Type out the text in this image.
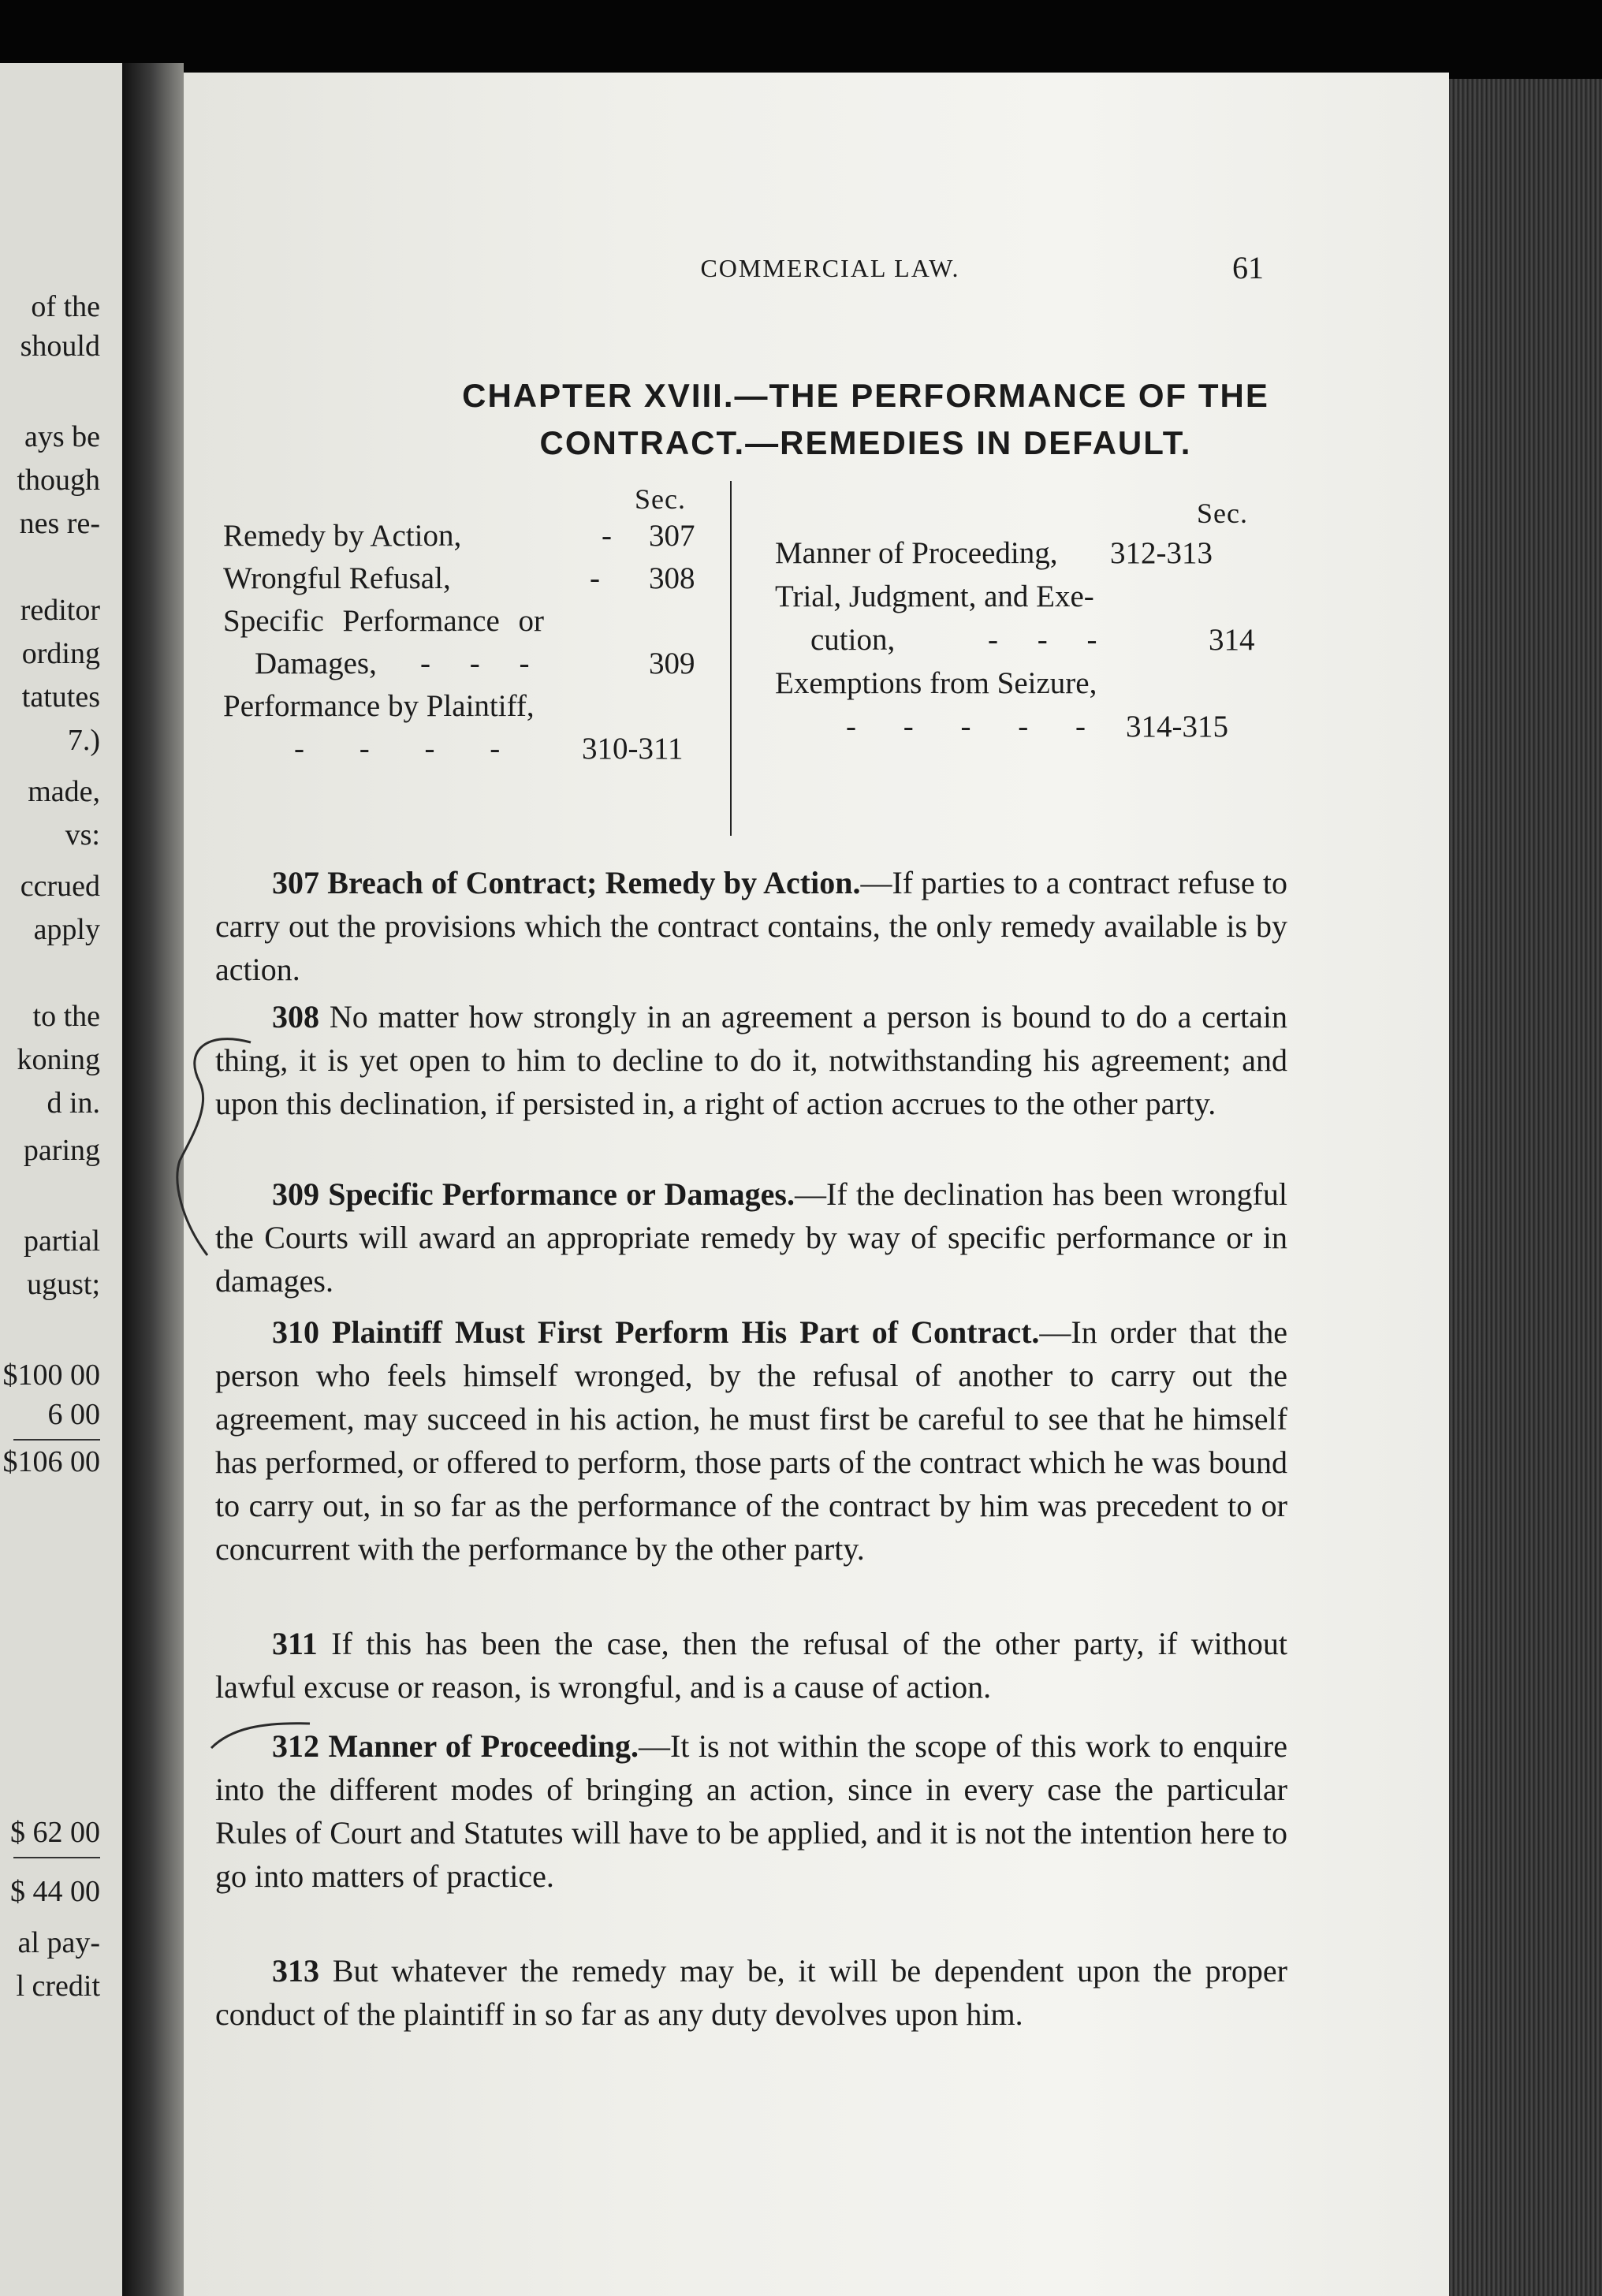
of the
should
ays be
though
nes re-
reditor
ording
tatutes
7.)
made,
vs:
ccrued
apply
to the
koning
d in.
paring
partial
ugust;
$100 00
6 00
$106 00
$ 62 00
$ 44 00
al pay-
l credit
COMMERCIAL LAW.	61
CHAPTER XVIII.—THE PERFORMANCE OF THE
CONTRACT.—REMEDIES IN DEFAULT.
Sec.	Sec.
Remedy by Action,	- 307
Wrongful Refusal,	- 308
Specific Performance or
Damages, - - -	309
Performance by Plaintiff,
- - - -	310-311
Manner of Proceeding, 312-313
Trial, Judgment, and Exe-
cution,	- - -	314
Exemptions from Seizure,
- - - - - 314-315
307 Breach of Contract; Remedy by Action.—If parties to a contract refuse to carry out the provisions which the contract contains, the only remedy available is by action.
308 No matter how strongly in an agreement a person is bound to do a certain thing, it is yet open to him to decline to do it, notwithstanding his agreement; and upon this declination, if persisted in, a right of action accrues to the other party.
309 Specific Performance or Damages.—If the declination has been wrongful the Courts will award an appropriate remedy by way of specific performance or in damages.
310 Plaintiff Must First Perform His Part of Contract.—In order that the person who feels himself wronged, by the refusal of another to carry out the agreement, may succeed in his action, he must first be careful to see that he himself has performed, or offered to perform, those parts of the contract which he was bound to carry out, in so far as the performance of the contract by him was precedent to or concurrent with the performance by the other party.
311 If this has been the case, then the refusal of the other party, if without lawful excuse or reason, is wrongful, and is a cause of action.
312 Manner of Proceeding.—It is not within the scope of this work to enquire into the different modes of bringing an action, since in every case the particular Rules of Court and Statutes will have to be applied, and it is not the intention here to go into matters of practice.
313 But whatever the remedy may be, it will be dependent upon the proper conduct of the plaintiff in so far as any duty devolves upon him.
